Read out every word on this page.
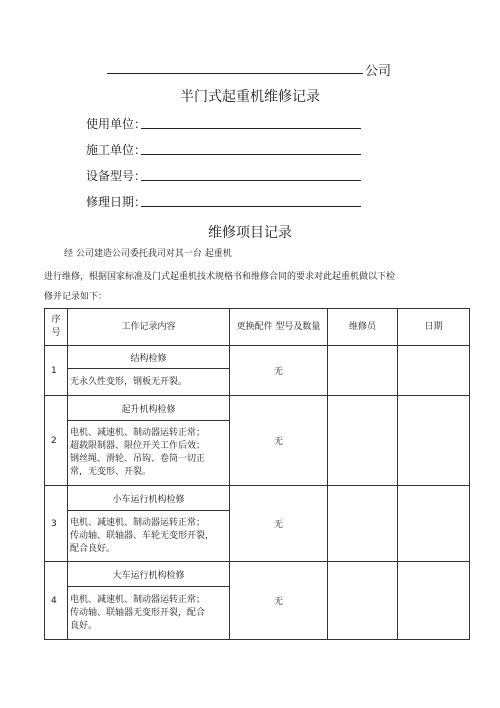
公司
半门式起重机维修记录
使用单位：
施工单位：
设备型号：
修理日期：
维修项目记录
经 公司建造公司委托我司对其一台 起重机
进行维修，根据国家标准及门式起重机技术规格书和维修合同的要求对此起重机做以下检
修并记录如下：
序号	工作记录内容	更换配件 型号及数量	维修员	日期
1	结构检修	无		
	无永久性变形，钢板无开裂。			
2	起升机构检修	无		
	电机、减速机、制动器运转正常；
超载限制器、限位开关工作后效；
钢丝绳、滑轮、吊钩、卷筒一切正
常，无变形、开裂。			
3	小车运行机构检修	无		
	电机、减速机、制动器运转正常；
传动轴、联轴器、车轮无变形开裂，
配合良好。			
4	大车运行机构检修	无		
	电机、减速机、制动器运转正常；
传动轴、联轴器无变形开裂，配合
良好。			
